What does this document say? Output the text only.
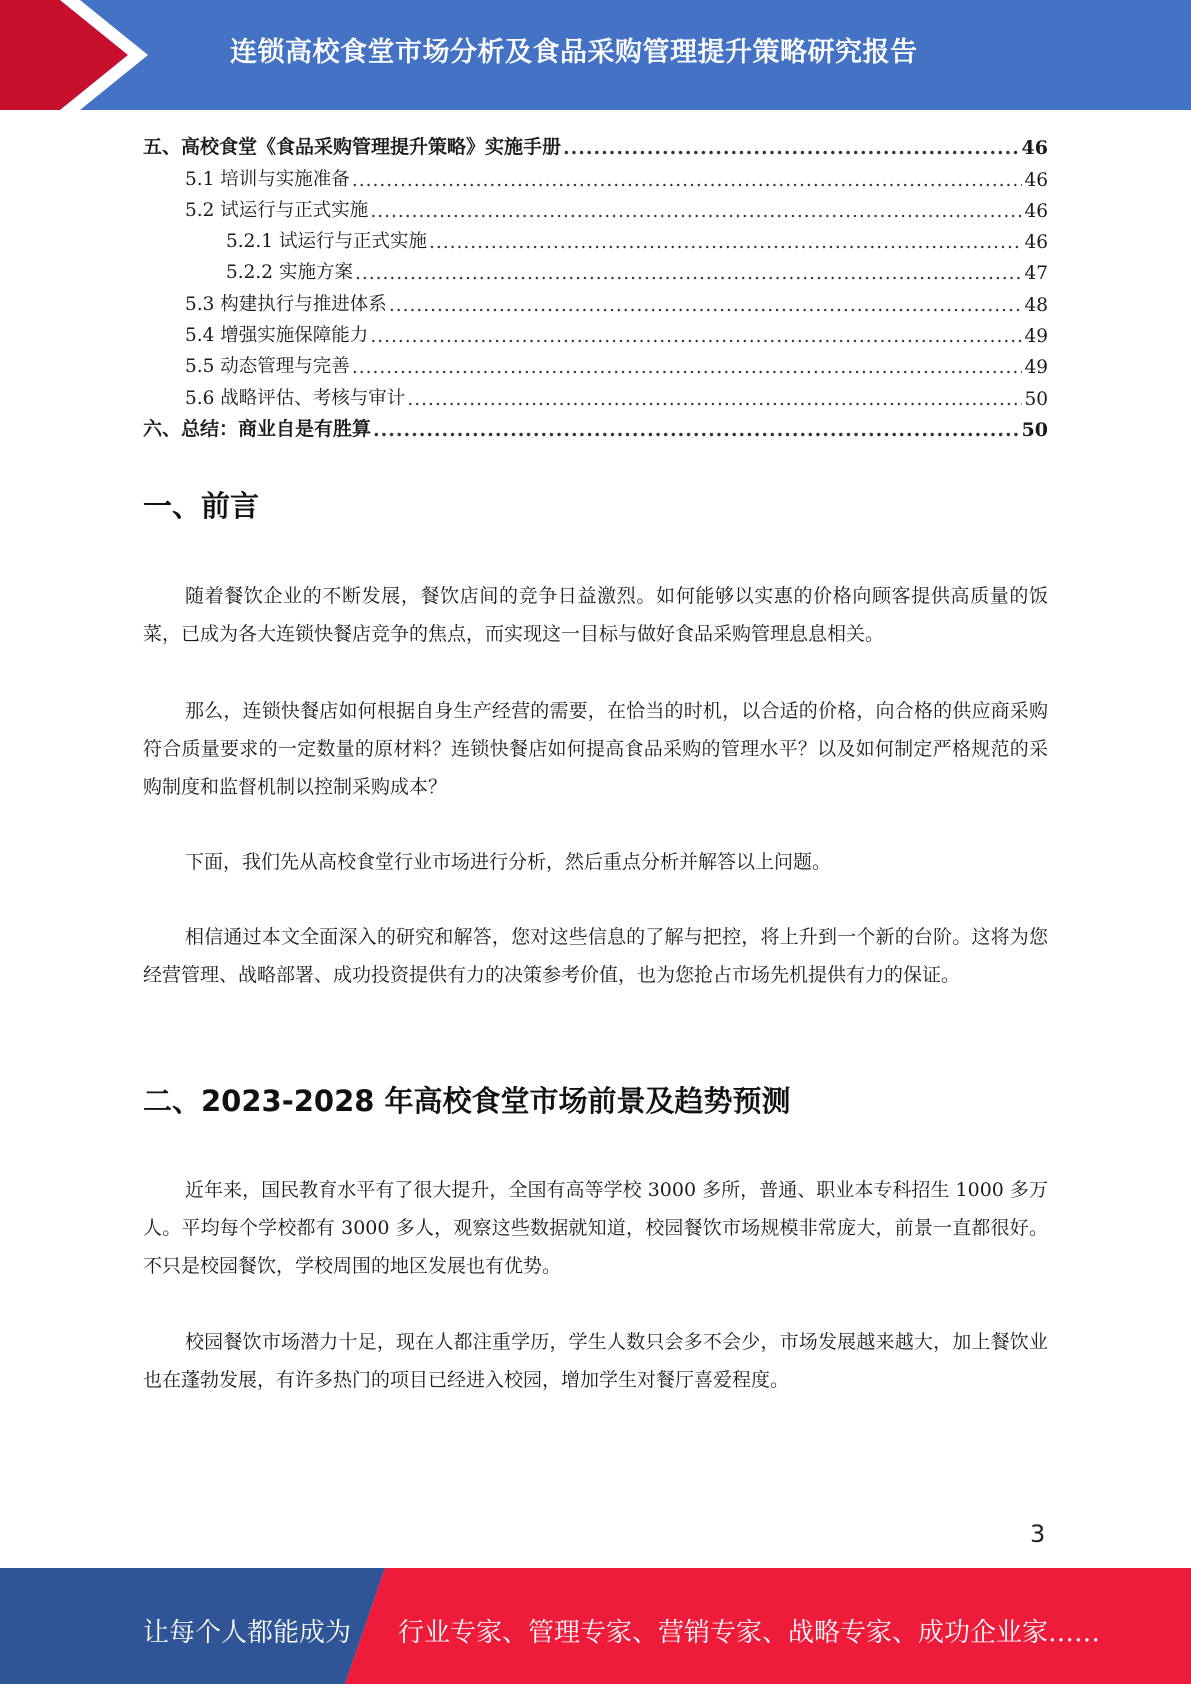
连锁高校食堂市场分析及食品采购管理提升策略研究报告
五、高校食堂《食品采购管理提升策略》实施手册 .....	46
5.1 培训与实施准备 .....	46
5.2 试运行与正式实施 .....	46
5.2.1 试运行与正式实施 .....	46
5.2.2 实施方案 .....	47
5.3 构建执行与推进体系 .....	48
5.4 增强实施保障能力 .....	49
5.5 动态管理与完善 .....	49
5.6 战略评估、考核与审计 .....	50
六、总结：商业自是有胜算 .....	50
一、前言

随着餐饮企业的不断发展，餐饮店间的竞争日益激烈。如何能够以实惠的价格向顾客提供高质量的饭菜，已成为各大连锁快餐店竞争的焦点，而实现这一目标与做好食品采购管理息息相关。

那么，连锁快餐店如何根据自身生产经营的需要，在恰当的时机，以合适的价格，向合格的供应商采购符合质量要求的一定数量的原材料？连锁快餐店如何提高食品采购的管理水平？以及如何制定严格规范的采购制度和监督机制以控制采购成本？

下面，我们先从高校食堂行业市场进行分析，然后重点分析并解答以上问题。

相信通过本文全面深入的研究和解答，您对这些信息的了解与把控，将上升到一个新的台阶。这将为您经营管理、战略部署、成功投资提供有力的决策参考价值，也为您抢占市场先机提供有力的保证。

二、2023-2028 年高校食堂市场前景及趋势预测

近年来，国民教育水平有了很大提升，全国有高等学校 3000 多所，普通、职业本专科招生 1000 多万人。平均每个学校都有 3000 多人，观察这些数据就知道，校园餐饮市场规模非常庞大，前景一直都很好。不只是校园餐饮，学校周围的地区发展也有优势。

校园餐饮市场潜力十足，现在人都注重学历，学生人数只会多不会少，市场发展越来越大，加上餐饮业也在蓬勃发展，有许多热门的项目已经进入校园，增加学生对餐厅喜爱程度。

3
让每个人都能成为 行业专家、管理专家、营销专家、战略专家、成功企业家……
